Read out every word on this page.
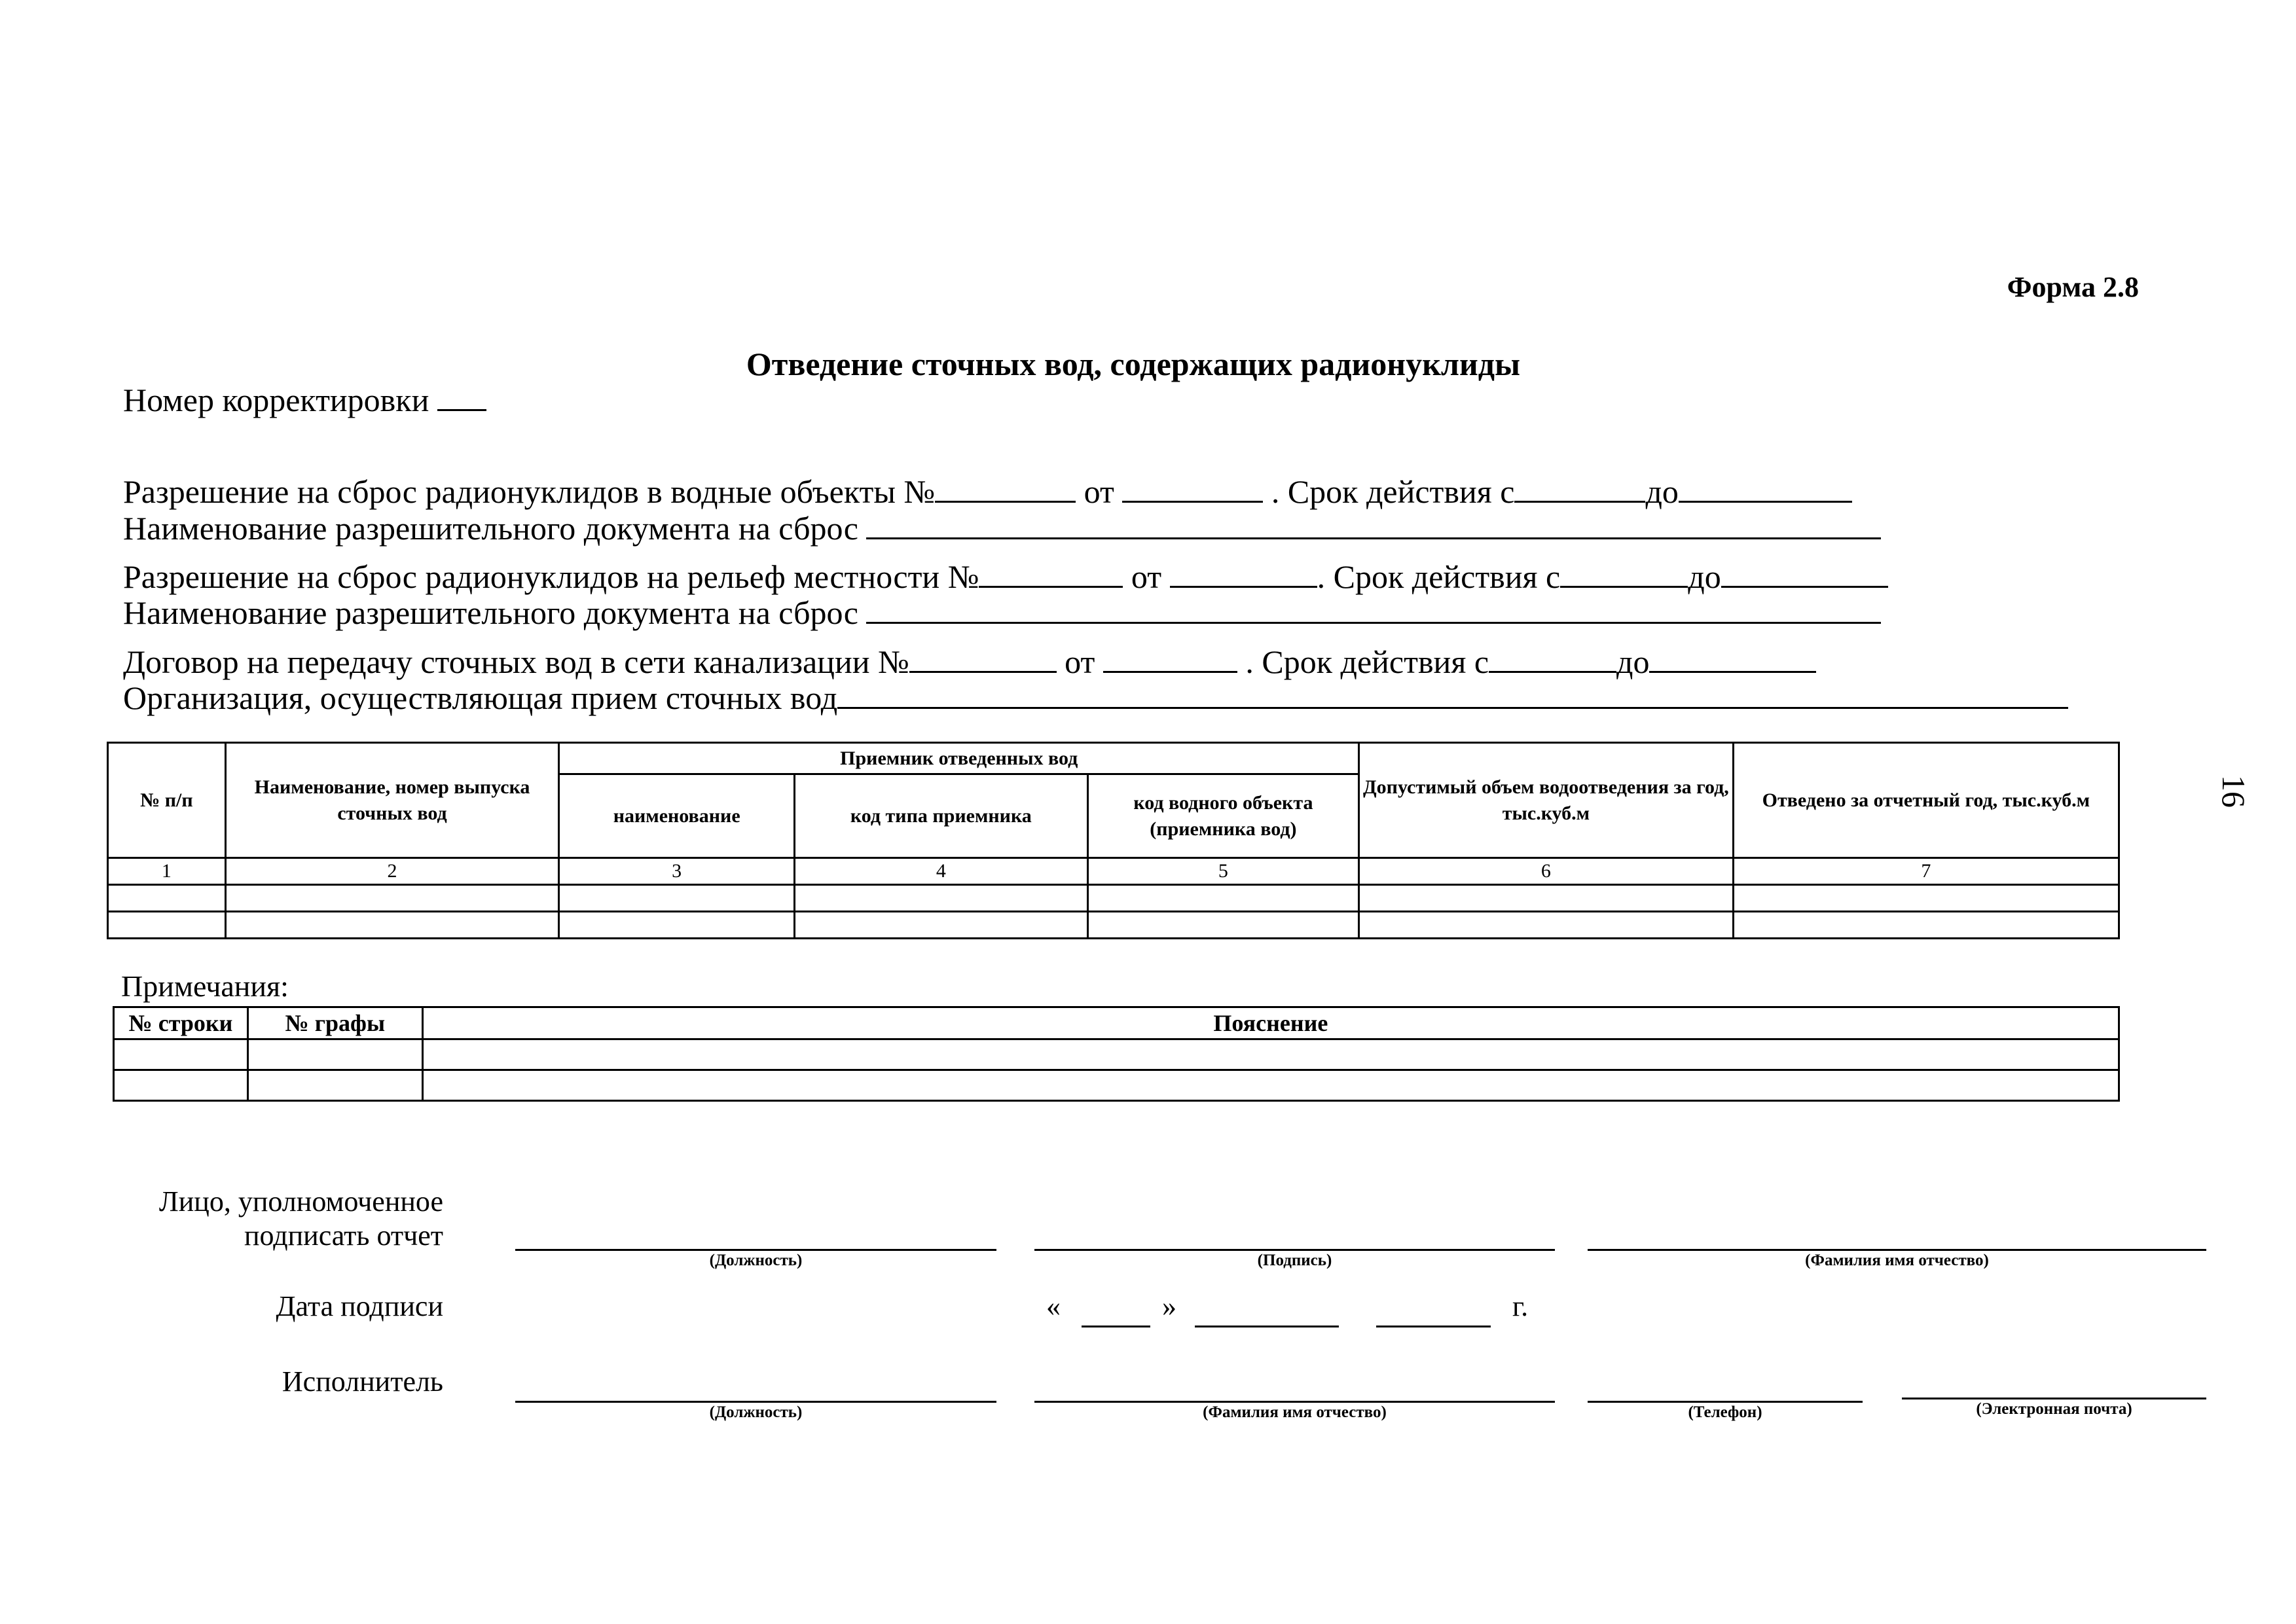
Форма 2.8
Отведение сточных вод, содержащих радионуклиды
Номер корректировки
Разрешение на сброс радионуклидов в водные объекты №	от	. Срок действия с	до
Наименование разрешительного документа на сброс
Разрешение на сброс радионуклидов на рельеф местности №	от	. Срок действия с	до
Наименование разрешительного документа на сброс
Договор на передачу сточных вод в сети канализации №	от	. Срок действия с	до
Организация, осуществляющая прием сточных вод
№ п/п	Наименование, номер выпуска сточных вод	Приемник отведенных вод			Допустимый объем водоотведения за год, тыс.куб.м	Отведено за отчетный год, тыс.куб.м
		наименование	код типа приемника	код водного объекта (приемника вод)		
1	2	3	4	5	6	7

Примечания:
№ строки	№ графы	Пояснение

Лицо, уполномоченное
подписать отчет
(Должность)	(Подпись)	(Фамилия имя отчество)
Дата подписи	«	»	г.
Исполнитель
(Должность)	(Фамилия имя отчество)	(Телефон)	(Электронная почта)
16
